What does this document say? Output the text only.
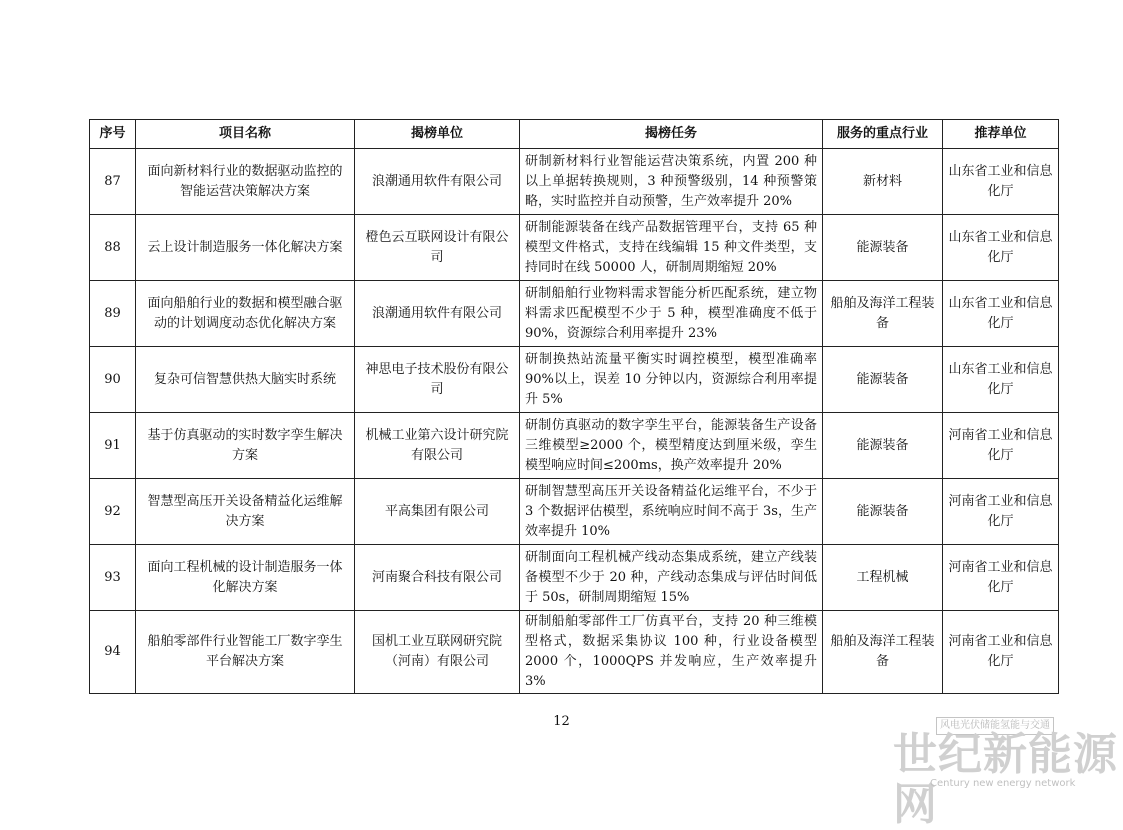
序号	项目名称	揭榜单位	揭榜任务	服务的重点行业	推荐单位
87	面向新材料行业的数据驱动监控的智能运营决策解决方案	浪潮通用软件有限公司	研制新材料行业智能运营决策系统，内置 200 种以上单据转换规则，3 种预警级别，14 种预警策略，实时监控并自动预警，生产效率提升 20%	新材料	山东省工业和信息化厅
88	云上设计制造服务一体化解决方案	橙色云互联网设计有限公司	研制能源装备在线产品数据管理平台，支持 65 种模型文件格式，支持在线编辑 15 种文件类型，支持同时在线 50000 人，研制周期缩短 20%	能源装备	山东省工业和信息化厅
89	面向船舶行业的数据和模型融合驱动的计划调度动态优化解决方案	浪潮通用软件有限公司	研制船舶行业物料需求智能分析匹配系统，建立物料需求匹配模型不少于 5 种，模型准确度不低于 90%，资源综合利用率提升 23%	船舶及海洋工程装备	山东省工业和信息化厅
90	复杂可信智慧供热大脑实时系统	神思电子技术股份有限公司	研制换热站流量平衡实时调控模型，模型准确率 90%以上，误差 10 分钟以内，资源综合利用率提升 5%	能源装备	山东省工业和信息化厅
91	基于仿真驱动的实时数字孪生解决方案	机械工业第六设计研究院有限公司	研制仿真驱动的数字孪生平台，能源装备生产设备三维模型≥2000 个，模型精度达到厘米级，孪生模型响应时间≤200ms，换产效率提升 20%	能源装备	河南省工业和信息化厅
92	智慧型高压开关设备精益化运维解决方案	平高集团有限公司	研制智慧型高压开关设备精益化运维平台，不少于 3 个数据评估模型，系统响应时间不高于 3s，生产效率提升 10%	能源装备	河南省工业和信息化厅
93	面向工程机械的设计制造服务一体化解决方案	河南聚合科技有限公司	研制面向工程机械产线动态集成系统，建立产线装备模型不少于 20 种，产线动态集成与评估时间低于 50s，研制周期缩短 15%	工程机械	河南省工业和信息化厅
94	船舶零部件行业智能工厂数字孪生平台解决方案	国机工业互联网研究院（河南）有限公司	研制船舶零部件工厂仿真平台，支持 20 种三维模型格式，数据采集协议 100 种，行业设备模型 2000 个，1000QPS 并发响应，生产效率提升 3%	船舶及海洋工程装备	河南省工业和信息化厅
12	风电光伏储能氢能与交通
世纪新能源网
Century new energy network
